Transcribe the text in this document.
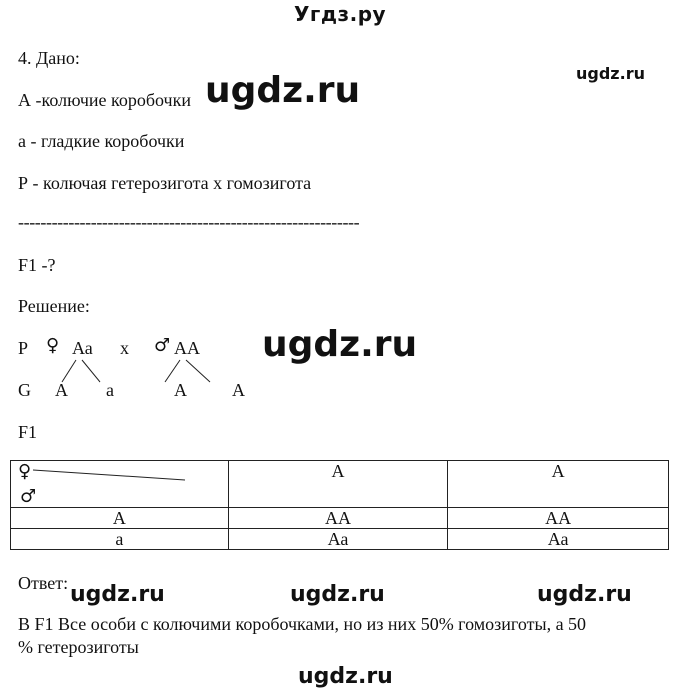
Угдз.ру
4. Дано:
ugdz.ru
А -колючие коробочки ugdz.ru
а - гладкие коробочки
Р - колючая гетерозигота х гомозигота
-------------------------------------------------------------
F1 -?
Решение:
P ♀ Аа х ♂ АА ugdz.ru
G А а	А	А
F1
♀
♂	А	А
А	АА	АА
а	Аа	Аа
Ответ: ugdz.ru	ugdz.ru	ugdz.ru
В F1 Все особи с колючими коробочками, но из них 50% гомозиготы, а 50
% гетерозиготы
ugdz.ru
